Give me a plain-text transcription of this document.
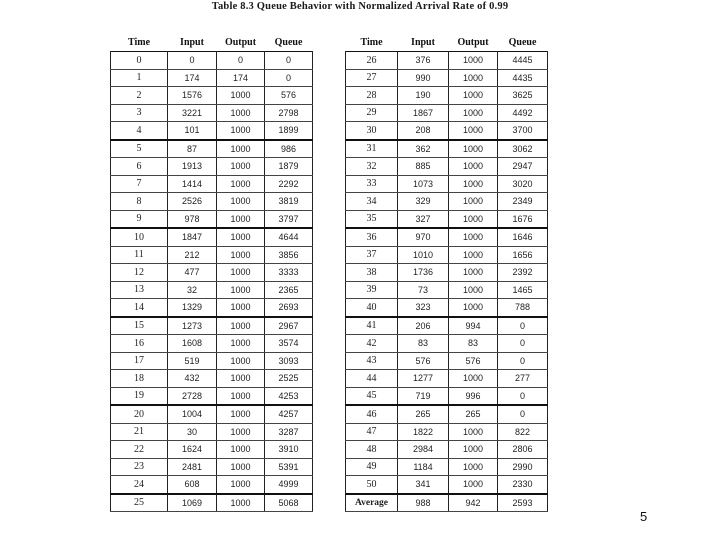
Table 8.3 Queue Behavior with Normalized Arrival Rate of 0.99
Time	Input	Output	Queue
0	0	0	0
1	174	174	0
2	1576	1000	576
3	3221	1000	2798
4	101	1000	1899
5	87	1000	986
6	1913	1000	1879
7	1414	1000	2292
8	2526	1000	3819
9	978	1000	3797
10	1847	1000	4644
11	212	1000	3856
12	477	1000	3333
13	32	1000	2365
14	1329	1000	2693
15	1273	1000	2967
16	1608	1000	3574
17	519	1000	3093
18	432	1000	2525
19	2728	1000	4253
20	1004	1000	4257
21	30	1000	3287
22	1624	1000	3910
23	2481	1000	5391
24	608	1000	4999
25	1069	1000	5068
Time	Input	Output	Queue
26	376	1000	4445
27	990	1000	4435
28	190	1000	3625
29	1867	1000	4492
30	208	1000	3700
31	362	1000	3062
32	885	1000	2947
33	1073	1000	3020
34	329	1000	2349
35	327	1000	1676
36	970	1000	1646
37	1010	1000	1656
38	1736	1000	2392
39	73	1000	1465
40	323	1000	788
41	206	994	0
42	83	83	0
43	576	576	0
44	1277	1000	277
45	719	996	0
46	265	265	0
47	1822	1000	822
48	2984	1000	2806
49	1184	1000	2990
50	341	1000	2330
Average	988	942	2593
5
